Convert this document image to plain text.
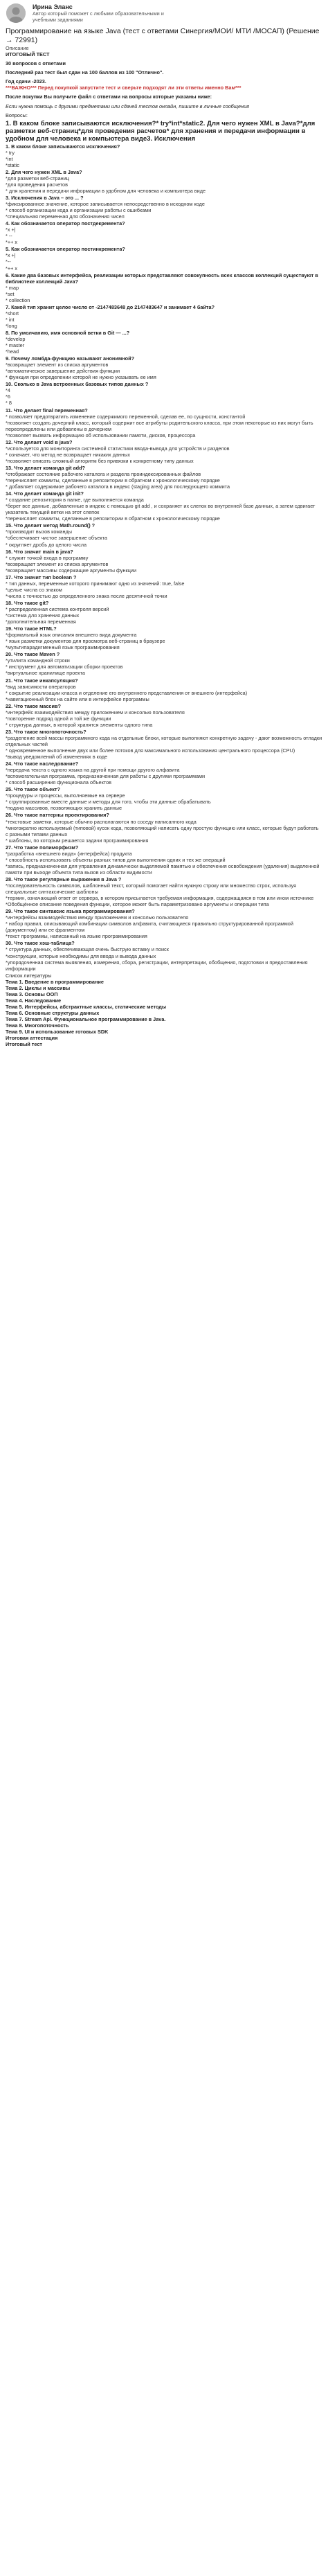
Ирина Эланс
Автор который поможет с любыми образовательными и учебными заданиями
Программирование на языке Java (тест с ответами Синергия/МОИ/ МТИ /МОСАП) (Решение → 72991)
Описание
ИТОГОВЫЙ ТЕСТ
30 вопросов с ответами
Последний раз тест был сдан на 100 баллов из 100 "Отлично".
Год сдачи -2023.
***ВАЖНО*** Перед покупкой запустите тест и сверьте подходят ли эти ответы именно Вам***
После покупки Вы получите файл с ответами на вопросы которые указаны ниже:
Если нужна помощь с другими предметами или сдачей тестов онлайн, пишите в личные сообщения
Вопросы:
1. В каком блоке записываются исключения?* try*int*static2. Для чего нужен XML в Java?*для разметки веб-страниц*для проведения расчетов* для хранения и передачи информации в удобном для человека и компьютера виде3. Исключения
1. В каком блоке записываются исключения?
* try
*int
*static
2. Для чего нужен XML в Java?
*для разметки веб-страниц
*для проведения расчетов
* для хранения и передачи информации в удобном для человека и компьютера виде
3. Исключения в Java – это ... ?
*фиксированное значение, которое записывается непосредственно в исходном коде
* способ организации кода и организации работы с ошибками
*специальная переменная для обозначения чисел
4. Как обозначается оператор постдекремента?
*x +|
* --
*++ x
5. Как обозначается оператор постинкремента?
*x +|
*--
*++ x
6. Какие два базовых интерфейса, реализации которых представляют совокупность всех классов коллекций существуют в библиотеке коллекций Java?
* map
*set
* collection
7. Какой тип хранит целое число от -2147483648 до 2147483647 и занимает 4 байта?
*short
* int
*long
8. По умолчанию, имя основной ветки в Git — ...?
*develop
* master
*head
9. Почему лямбда-функцию называют анонимной?
*возвращает элемент из списка аргументов
*автоматическое завершение действия функции
* функция при определении которой не нужно указывать ее имя
10. Сколько в Java встроенных базовых типов данных ?
*4
*6
* 8
11. Что делает final переменная?
* позволяет предотвратить изменение содержимого переменной, сделав ее, по сущности, константой
*позволяет создать дочерний класс, который содержит все атрибуты родительского класса, при этом некоторые из них могут быть переопределены или добавлены в дочернем
*позволяет вызвать информацию об использовании памяти, дисков, процессора
12. Что делает void в java?
*используется для мониторинга системной статистики ввода-вывода для устройств и разделов
* означает, что метод не возвращает никаких данных
*позволяет описать сложный алгоритм без привязки к конкретному типу данных
13. Что делает команда git add?
*отображает состояние рабочего каталога и раздела проиндексированных файлов
*перечисляет коммиты, сделанные в репозитории в обратном к хронологическому порядке
* добавляет содержимое рабочего каталога в индекс (staging area) для последующего коммита
14. Что делает команда git init?
* создание репозитория в папке, где выполняется команда
*берет все данные, добавленные в индекс с помощью git add , и сохраняет их слепок во внутренней базе данных, а затем сдвигает указатель текущей ветки на этот слепок
*перечисляет коммиты, сделанные в репозитории в обратном к хронологическому порядке
15. Что делает метод Math.round() ?
*производит вызов команды
*обеспечивает чистое завершение объекта
* округляет дробь до целого числа
16. Что значит main в java?
* служит точкой входа в программу
*возвращает элемент из списка аргументов
*возвращает массивы содержащие аргументы функции
17. Что значит тип boolean ?
* тип данных, переменные которого принимают одно из значений: true, false
*целые числа со знаком
*числа с точностью до определенного знака после десятичной точки
18. Что такое git?
* распределенная система контроля версий
*система для хранения данных
*дополнительная переменная
19. Что такое HTML?
*формальный язык описания внешнего вида документа
* язык разметки документов для просмотра веб-страниц в браузере
*мультипарадигменный язык программирования
20. Что такое Maven ?
*утилита командной строки
* инструмент для автоматизации сборки проектов
*виртуальное хранилище проекта
21. Что такое инкапсуляция?
*вид зависимости операторов
* сокрытие реализации класса и отделение его внутреннего представления от внешнего (интерфейса)
*навигационный блок на сайте или в интерфейсе программы
22. Что такое массив?
*интерфейс взаимодействия между приложением и консолью пользователя
*повторение подряд одной и той же функции
* структура данных, в которой хранятся элементы одного типа
23. Что такое многопоточность?
*разделение всей массы программного кода на отдельные блоки, которые выполняют конкретную задачу - дают возможность отладки отдельных частей
* одновременное выполнение двух или более потоков для максимального использования центрального процессора (CPU)
*вывод уведомлений об изменениях в коде
24. Что такое наследование?
*передача текста с одного языка на другой при помощи другого алфавита
*вспомогательная программа, предназначенная для работы с другими программами
* способ расширения функционала объектов
25. Что такое объект?
*процедуры и процессы, выполняемые на сервере
* сгруппированные вместе данные и методы для того, чтобы эти данные обрабатывать
*подача массивов, позволяющих хранить данные
26. Что такое паттерны проектирования?
*текстовые заметки, которые обычно располагаются по соседу написанного кода
*многократно используемый (типовой) кусок кода, позволяющий написать одну простую функцию или класс, которые будут работать с разными типами данных
* шаблоны, по которым решается задачи программирования
27. Что такое полиморфизм?
*разработка «внешнего вида» (интерфейса) продукта
* способность использовать объекты разных типов для выполнения одних и тех же операций
*запись, предназначенная для управления динамически выделяемой памятью и обеспечения освобождения (удаления) выделенной памяти при выходе объекта типа вызов из области видимости
28. Что такое регулярные выражения в Java ?
*последовательность символов, шаблонный текст, который помогает найти нужную строку или множество строк, используя специальные синтаксические шаблоны
*термин, означающий ответ от сервера, в котором присылается требуемая информация, содержащаяся в том или ином источнике
*Обобщённое описание поведения функции, которое может быть параметризовано аргументы и операции типа
29. Что такое синтаксис языка программирования?
*интерфейсы взаимодействия между приложением и консолью пользователя
* набор правил, описывающий комбинации символов алфавита, считающиеся правильно структурированной программой (документом) или ее фрагментом
*текст программы, написанный на языке программирования
30. Что такое хэш-таблица?
* структура данных, обеспечивающая очень быструю вставку и поиск
*конструкции, которые необходимы для ввода и вывода данных
*упорядоченная система выявления, измерения, сбора, регистрации, интерпретации, обобщения, подготовки и предоставления информации
Список литературы
Тема 1. Введение в программирование
Тема 2. Циклы и массивы
Тема 3. Основы ООП
Тема 4. Наследование
Тема 5. Интерфейсы, абстрактные классы, статические методы
Тема 6. Основные структуры данных
Тема 7. Stream Api. Функциональное программирование в Java.
Тема 8. Многопоточность
Тема 9. UI и использование готовых SDK
Итоговая аттестация
Итоговый тест
